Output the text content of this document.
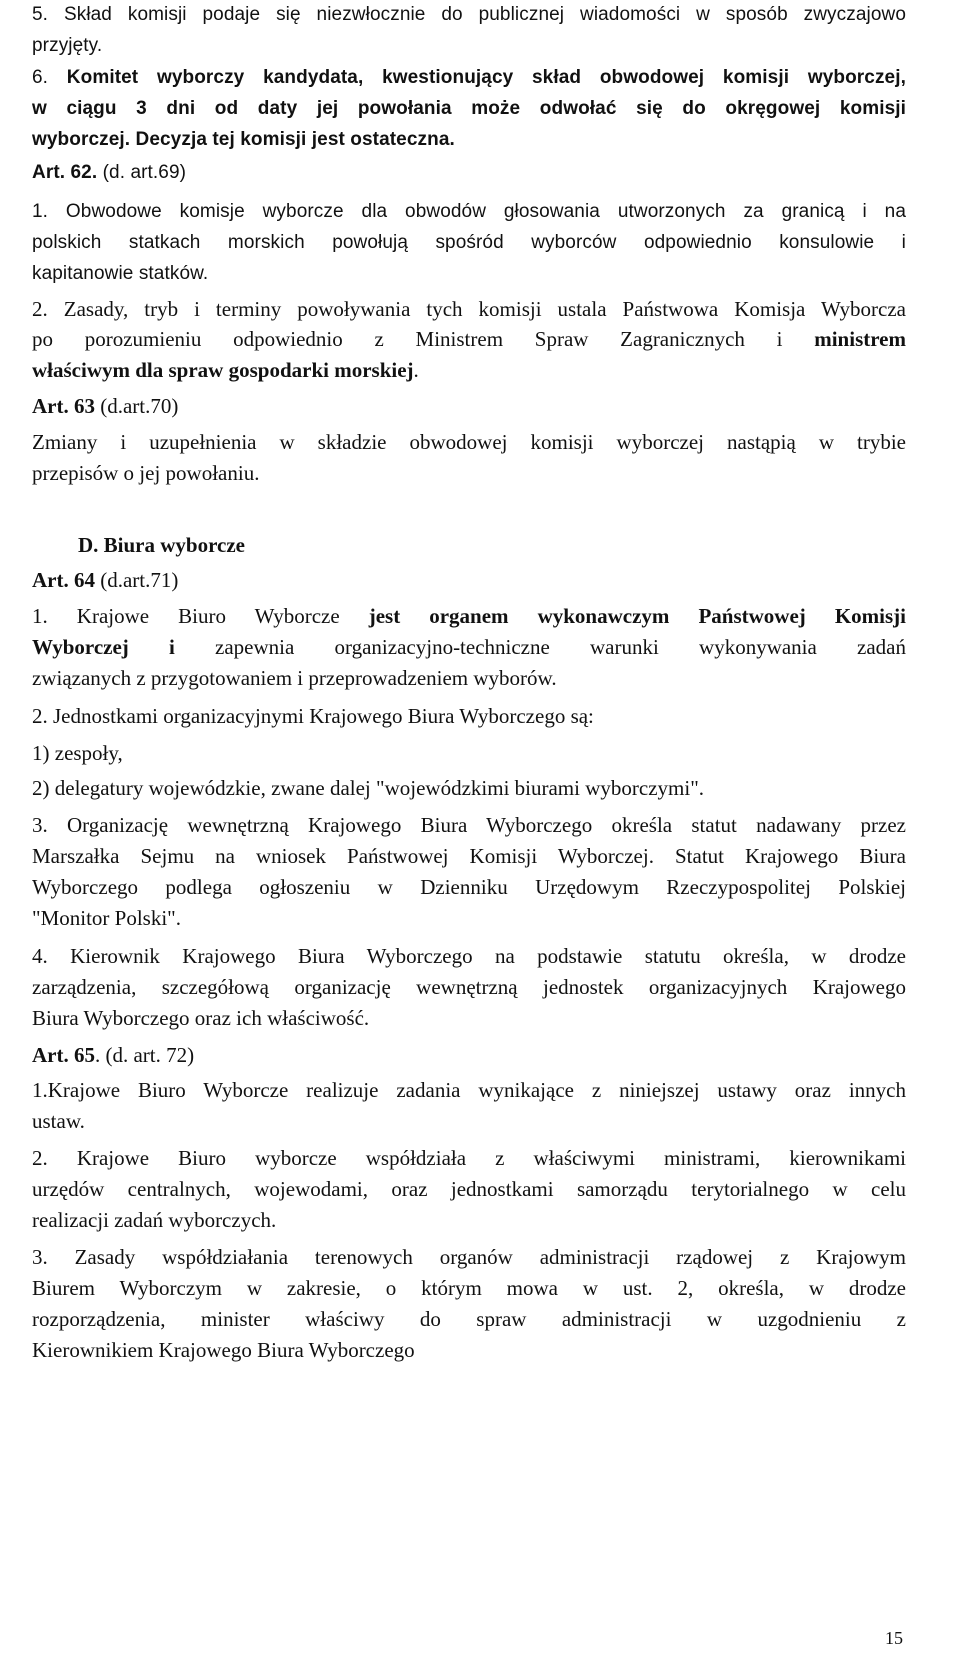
5. Skład komisji podaje się niezwłocznie do publicznej wiadomości w sposób zwyczajowo
przyjęty.
6. Komitet wyborczy kandydata, kwestionujący skład obwodowej komisji wyborczej,
w ciągu 3 dni od daty jej powołania może odwołać się do okręgowej komisji
wyborczej. Decyzja tej komisji jest ostateczna.
Art. 62. (d. art.69)
1. Obwodowe komisje wyborcze dla obwodów głosowania utworzonych za granicą i na
polskich statkach morskich powołują spośród wyborców odpowiednio konsulowie i
kapitanowie statków.
2. Zasady, tryb i terminy powoływania tych komisji ustala Państwowa Komisja Wyborcza
po porozumieniu odpowiednio z Ministrem Spraw Zagranicznych i ministrem
właściwym dla spraw gospodarki morskiej.
Art. 63 (d.art.70)
Zmiany i uzupełnienia w składzie obwodowej komisji wyborczej nastąpią w trybie
przepisów o jej powołaniu.
D. Biura wyborcze
Art. 64 (d.art.71)
1. Krajowe Biuro Wyborcze jest organem wykonawczym Państwowej Komisji
Wyborczej i zapewnia organizacyjno-techniczne warunki wykonywania zadań
związanych z przygotowaniem i przeprowadzeniem wyborów.
2. Jednostkami organizacyjnymi Krajowego Biura Wyborczego są:
1) zespoły,
2) delegatury wojewódzkie, zwane dalej "wojewódzkimi biurami wyborczymi".
3. Organizację wewnętrzną Krajowego Biura Wyborczego określa statut nadawany przez
Marszałka Sejmu na wniosek Państwowej Komisji Wyborczej. Statut Krajowego Biura
Wyborczego podlega ogłoszeniu w Dzienniku Urzędowym Rzeczypospolitej Polskiej
"Monitor Polski".
4. Kierownik Krajowego Biura Wyborczego na podstawie statutu określa, w drodze
zarządzenia, szczegółową organizację wewnętrzną jednostek organizacyjnych Krajowego
Biura Wyborczego oraz ich właściwość.
Art. 65. (d. art. 72)
1.Krajowe Biuro Wyborcze realizuje zadania wynikające z niniejszej ustawy oraz innych
ustaw.
2. Krajowe Biuro wyborcze współdziała z właściwymi ministrami, kierownikami
urzędów centralnych, wojewodami, oraz jednostkami samorządu terytorialnego w celu
realizacji zadań wyborczych.
3. Zasady współdziałania terenowych organów administracji rządowej z Krajowym
Biurem Wyborczym w zakresie, o którym mowa w ust. 2, określa, w drodze
rozporządzenia, minister właściwy do spraw administracji w uzgodnieniu z
Kierownikiem Krajowego Biura Wyborczego
15
